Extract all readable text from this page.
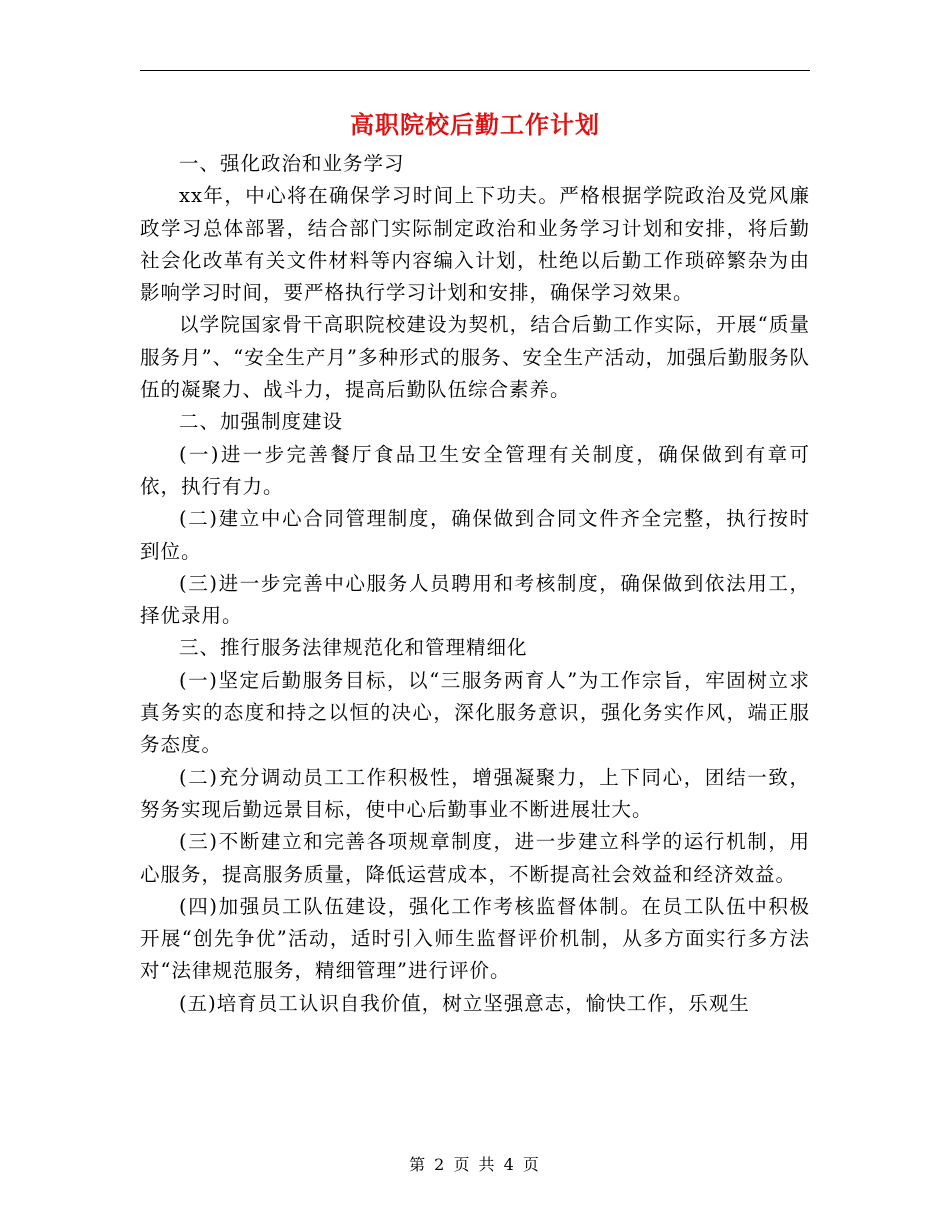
高职院校后勤工作计划

一、强化政治和业务学习

xx年，中心将在确保学习时间上下功夫。严格根据学院政治及党风廉政学习总体部署，结合部门实际制定政治和业务学习计划和安排，将后勤社会化改革有关文件材料等内容编入计划，杜绝以后勤工作琐碎繁杂为由影响学习时间，要严格执行学习计划和安排，确保学习效果。

以学院国家骨干高职院校建设为契机，结合后勤工作实际，开展“质量服务月”、“安全生产月”多种形式的服务、安全生产活动，加强后勤服务队伍的凝聚力、战斗力，提高后勤队伍综合素养。

二、加强制度建设

(一)进一步完善餐厅食品卫生安全管理有关制度，确保做到有章可依，执行有力。

(二)建立中心合同管理制度，确保做到合同文件齐全完整，执行按时到位。

(三)进一步完善中心服务人员聘用和考核制度，确保做到依法用工，择优录用。

三、推行服务法律规范化和管理精细化

(一)坚定后勤服务目标，以“三服务两育人”为工作宗旨，牢固树立求真务实的态度和持之以恒的决心，深化服务意识，强化务实作风，端正服务态度。

(二)充分调动员工工作积极性，增强凝聚力，上下同心，团结一致，努务实现后勤远景目标，使中心后勤事业不断进展壮大。

(三)不断建立和完善各项规章制度，进一步建立科学的运行机制，用心服务，提高服务质量，降低运营成本，不断提高社会效益和经济效益。

(四)加强员工队伍建设，强化工作考核监督体制。在员工队伍中积极开展“创先争优”活动，适时引入师生监督评价机制，从多方面实行多方法对“法律规范服务，精细管理”进行评价。

(五)培育员工认识自我价值，树立坚强意志，愉快工作，乐观生

第 2 页 共 4 页
